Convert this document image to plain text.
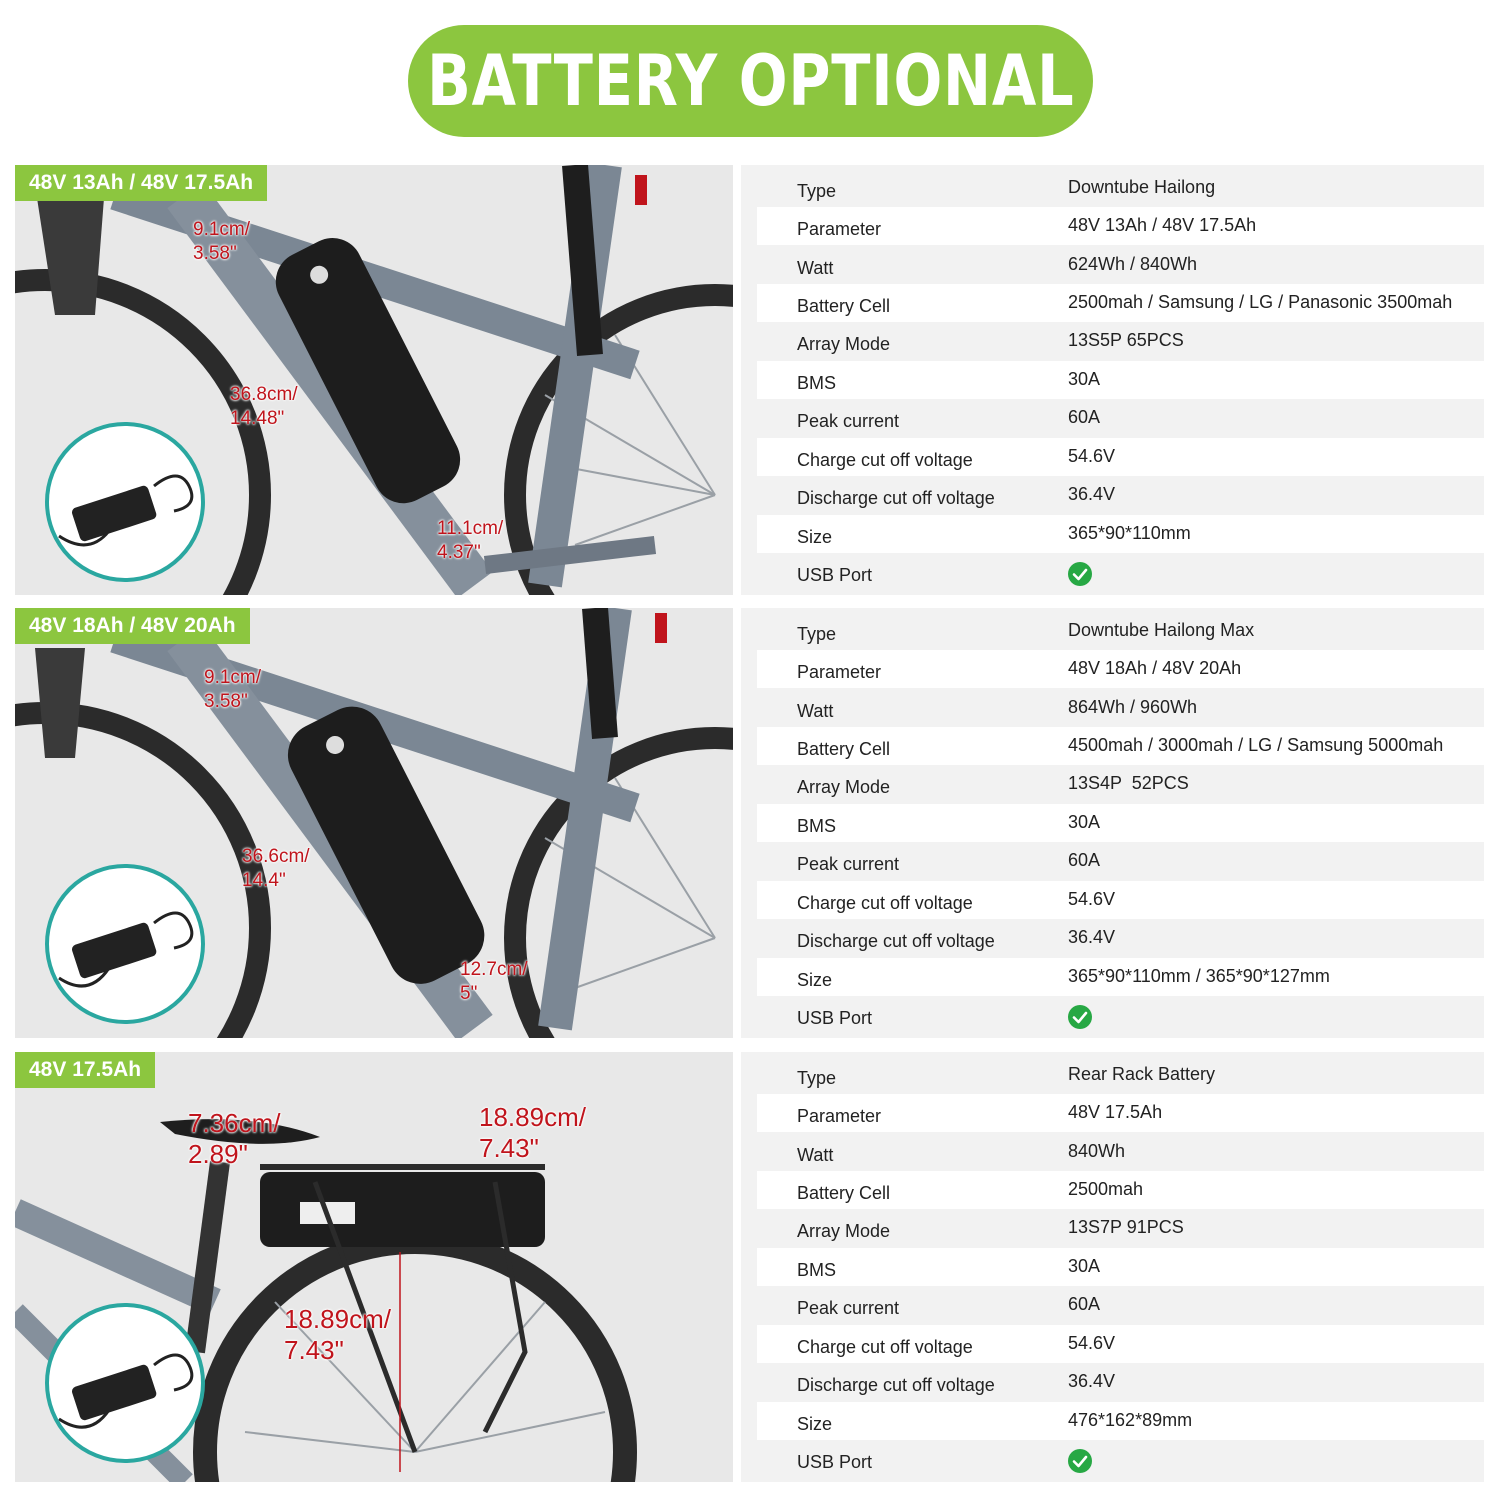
BATTERY OPTIONAL
48V 13Ah / 48V 17.5Ah
9.1cm/
3.58"
36.8cm/
14.48"
11.1cm/
4.37"
Type	Downtube Hailong
Parameter	48V 13Ah / 48V 17.5Ah
Watt	624Wh / 840Wh
Battery Cell	2500mah / Samsung / LG / Panasonic 3500mah
Array Mode	13S5P 65PCS
BMS	30A
Peak current	60A
Charge cut off voltage	54.6V
Discharge cut off voltage	36.4V
Size	365*90*110mm
USB Port
48V 18Ah / 48V 20Ah
9.1cm/
3.58"
36.6cm/
14.4"
12.7cm/
5"
Type	Downtube Hailong Max
Parameter	48V 18Ah / 48V 20Ah
Watt	864Wh / 960Wh
Battery Cell	4500mah / 3000mah / LG / Samsung 5000mah
Array Mode	13S4P  52PCS
BMS	30A
Peak current	60A
Charge cut off voltage	54.6V
Discharge cut off voltage	36.4V
Size	365*90*110mm / 365*90*127mm
USB Port
48V 17.5Ah
7.36cm/
2.89"
18.89cm/
7.43"
18.89cm/
7.43"
Type	Rear Rack Battery
Parameter	48V 17.5Ah
Watt	840Wh
Battery Cell	2500mah
Array Mode	13S7P 91PCS
BMS	30A
Peak current	60A
Charge cut off voltage	54.6V
Discharge cut off voltage	36.4V
Size	476*162*89mm
USB Port
